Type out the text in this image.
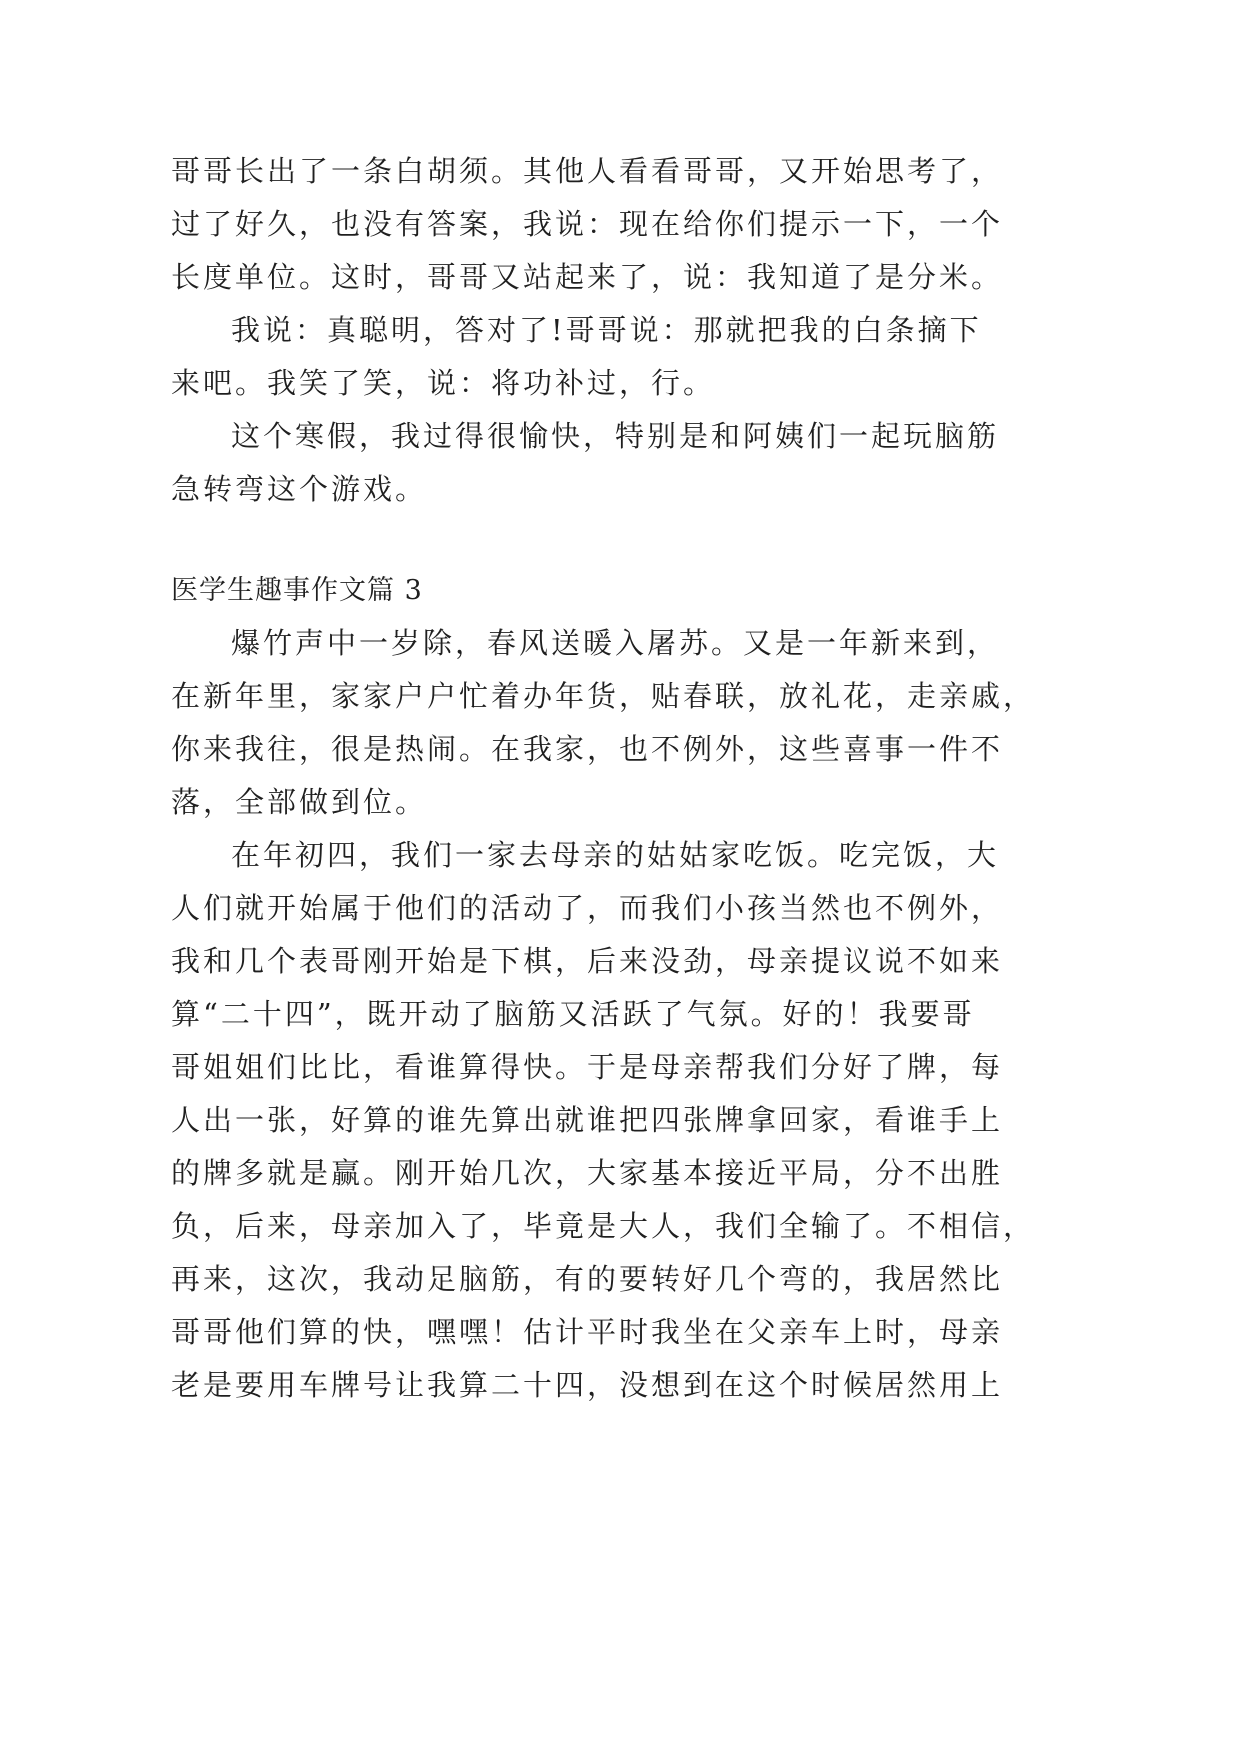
哥哥长出了一条白胡须。其他人看看哥哥，又开始思考了，

过了好久，也没有答案，我说：现在给你们提示一下，一个

长度单位。这时，哥哥又站起来了，说：我知道了是分米。

我说：真聪明，答对了!哥哥说：那就把我的白条摘下

来吧。我笑了笑，说：将功补过，行。

这个寒假，我过得很愉快，特别是和阿姨们一起玩脑筋

急转弯这个游戏。

医学生趣事作文篇 3

爆竹声中一岁除，春风送暖入屠苏。又是一年新来到，

在新年里，家家户户忙着办年货，贴春联，放礼花，走亲戚，

你来我往，很是热闹。在我家，也不例外，这些喜事一件不

落，全部做到位。

在年初四，我们一家去母亲的姑姑家吃饭。吃完饭，大

人们就开始属于他们的活动了，而我们小孩当然也不例外，

我和几个表哥刚开始是下棋，后来没劲，母亲提议说不如来

算“二十四”，既开动了脑筋又活跃了气氛。好的！我要哥

哥姐姐们比比，看谁算得快。于是母亲帮我们分好了牌，每

人出一张，好算的谁先算出就谁把四张牌拿回家，看谁手上

的牌多就是赢。刚开始几次，大家基本接近平局，分不出胜

负，后来，母亲加入了，毕竟是大人，我们全输了。不相信，

再来，这次，我动足脑筋，有的要转好几个弯的，我居然比

哥哥他们算的快，嘿嘿！估计平时我坐在父亲车上时，母亲

老是要用车牌号让我算二十四，没想到在这个时候居然用上
